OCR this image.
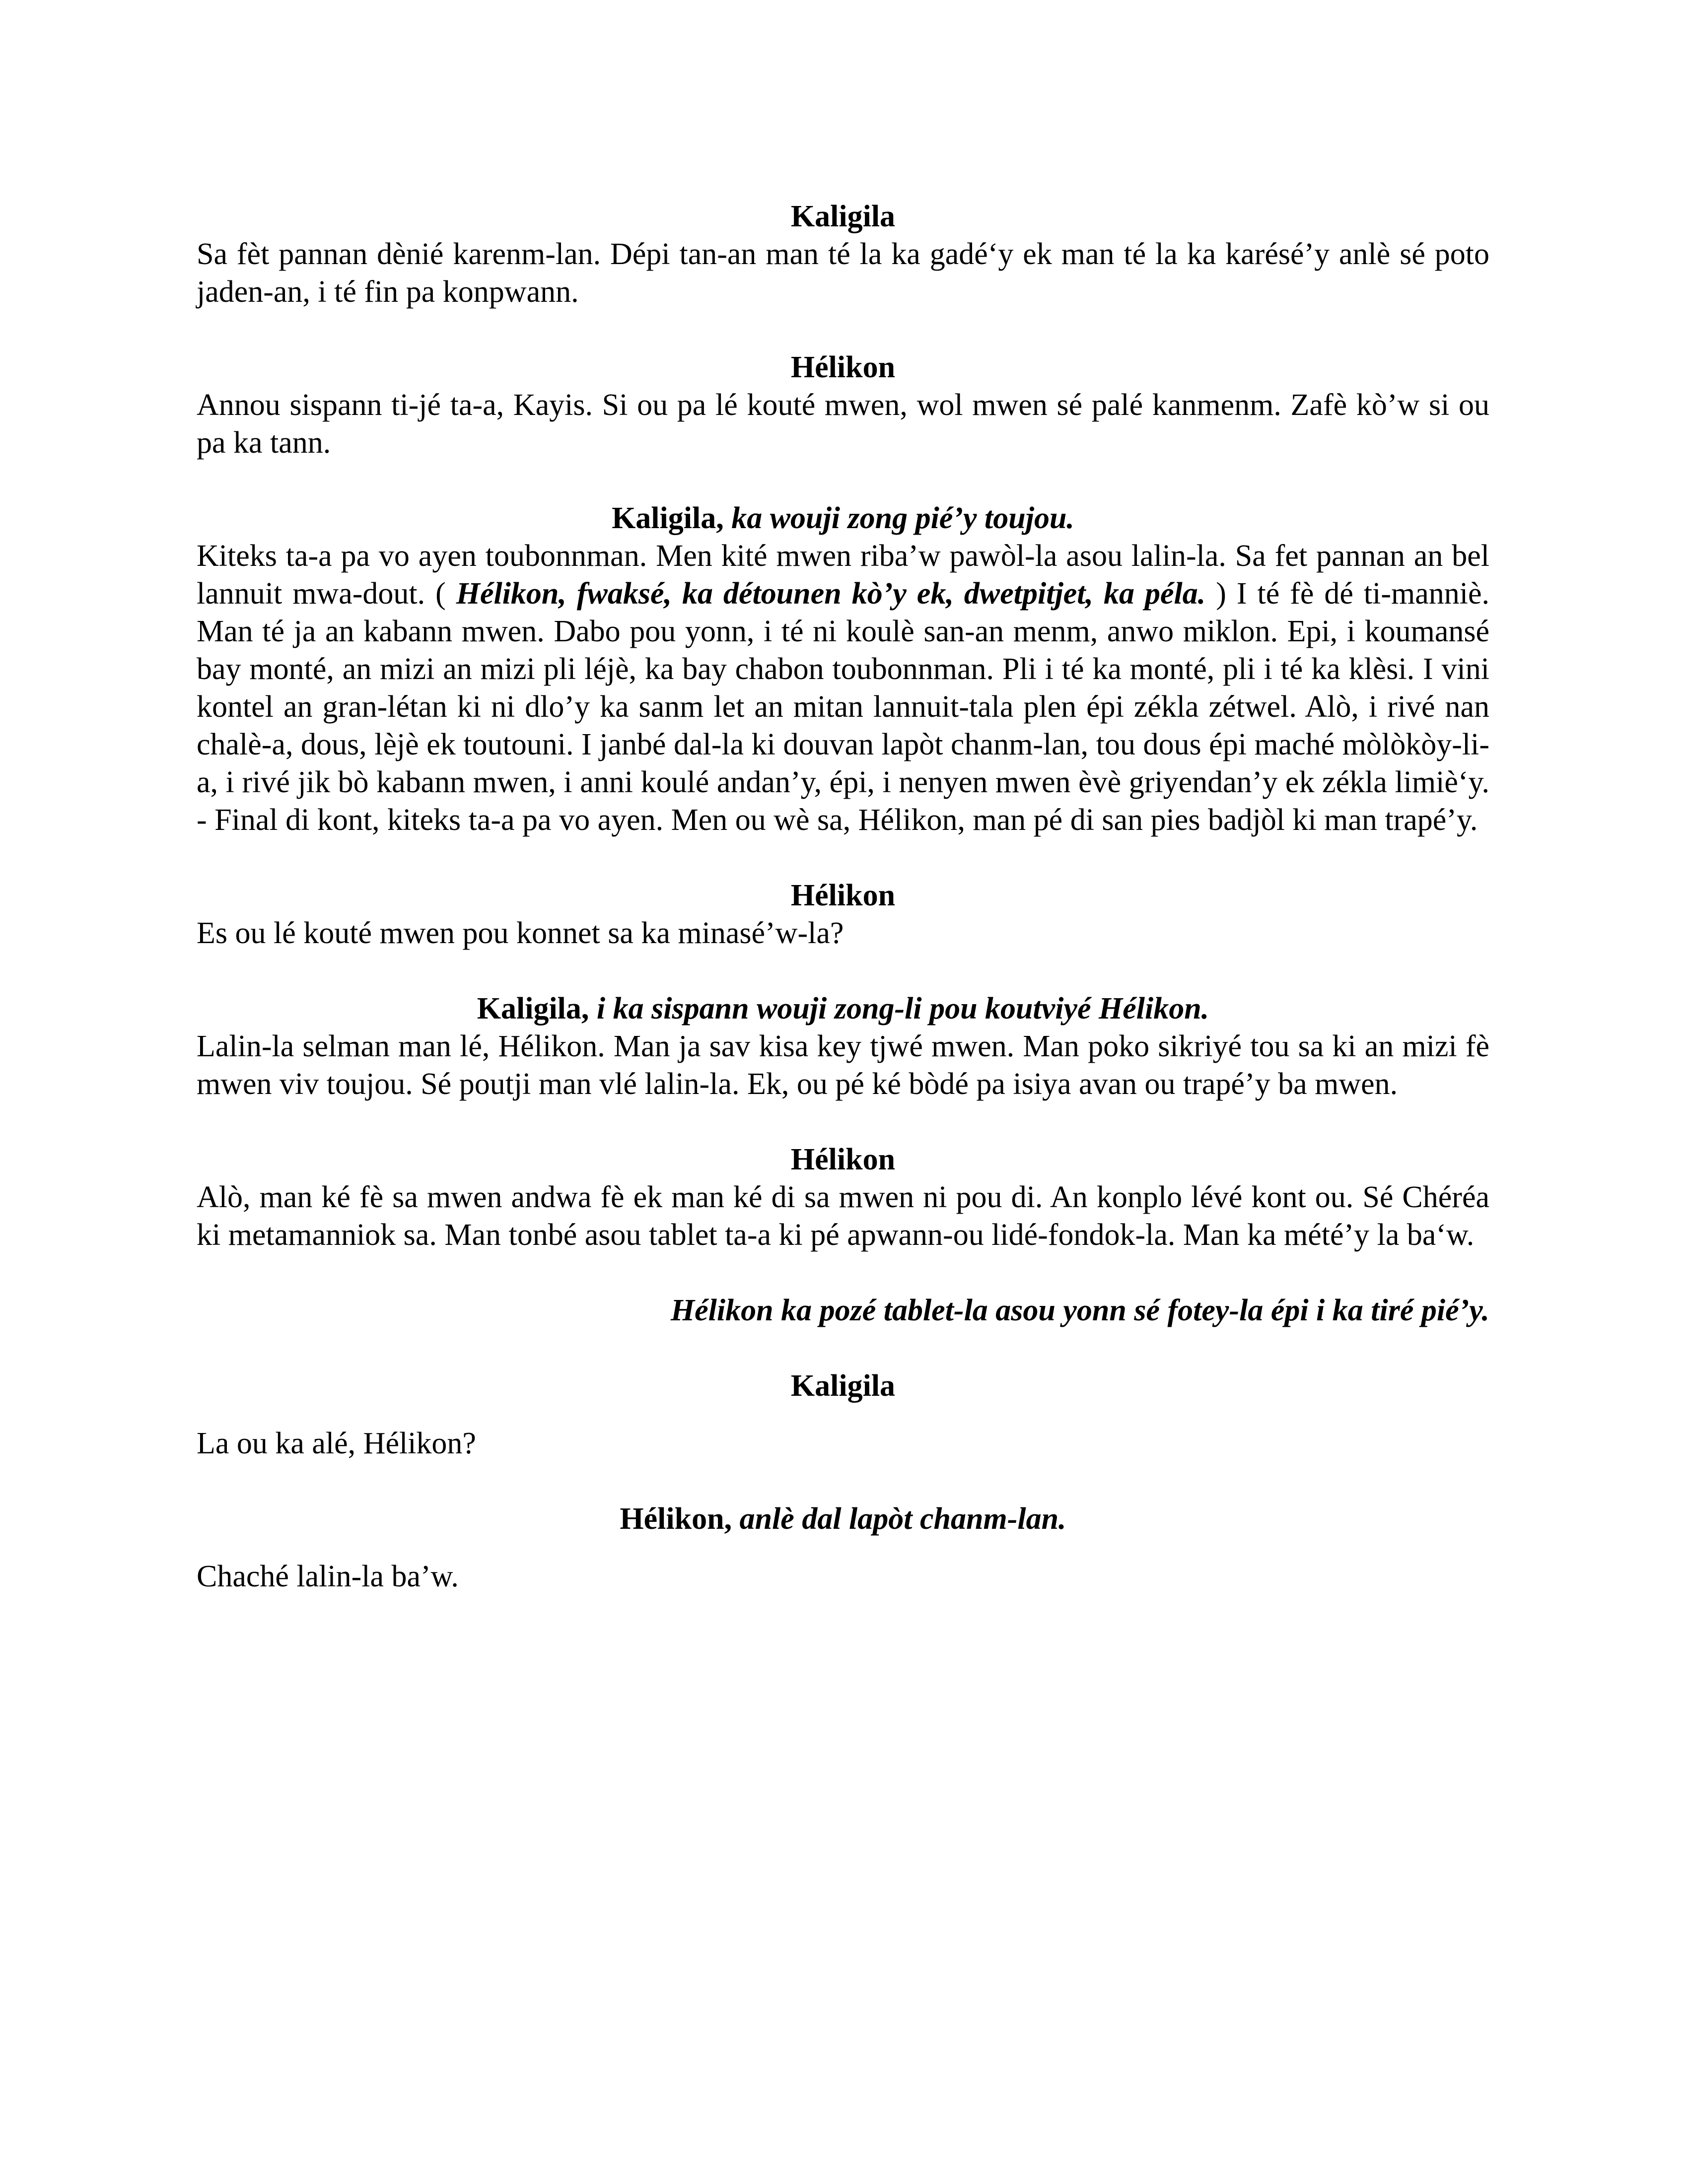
Kaligila

Sa fèt pannan dènié karenm-lan. Dépi tan-an man té la ka gadé‘y ek man té la ka karésé’y anlè sé poto jaden-an, i té fin pa konpwann.

Hélikon

Annou sispann ti-jé ta-a, Kayis. Si ou pa lé kouté mwen, wol mwen sé palé kanmenm. Zafè kò’w si ou pa ka tann.

Kaligila, ka wouji zong pié’y toujou.

Kiteks ta-a pa vo ayen toubonnman. Men kité mwen riba’w pawòl-la asou lalin-la. Sa fet pannan an bel lannuit mwa-dout. ( Hélikon, fwaksé, ka détounen kò’y ek, dwetpitjet, ka péla. ) I té fè dé ti-manniè. Man té ja an kabann mwen. Dabo pou yonn, i té ni koulè san-an menm, anwo miklon. Epi, i koumansé bay monté, an mizi an mizi pli léjè, ka bay chabon toubonnman. Pli i té ka monté, pli i té ka klèsi. I vini kontel an gran-létan ki ni dlo’y ka sanm let an mitan lannuit-tala plen épi zékla zétwel. Alò, i rivé nan chalè-a, dous, lèjè ek toutouni. I janbé dal-la ki douvan lapòt chanm-lan, tou dous épi maché mòlòkòy-li-a, i rivé jik bò kabann mwen, i anni koulé andan’y, épi, i nenyen mwen èvè griyendan’y ek zékla limiè‘y. - Final di kont, kiteks ta-a pa vo ayen. Men ou wè sa, Hélikon, man pé di san pies badjòl ki man trapé’y.

Hélikon

Es ou lé kouté mwen pou konnet sa ka minasé’w-la?

Kaligila, i ka sispann wouji zong-li pou koutviyé Hélikon.

Lalin-la selman man lé, Hélikon. Man ja sav kisa key tjwé mwen. Man poko sikriyé tou sa ki an mizi fè mwen viv toujou. Sé poutji man vlé lalin-la. Ek, ou pé ké bòdé pa isiya avan ou trapé’y ba mwen.

Hélikon

Alò, man ké fè sa mwen andwa fè ek man ké di sa mwen ni pou di. An konplo lévé kont ou. Sé Chéréa ki metamanniok sa. Man tonbé asou tablet ta-a ki pé apwann-ou lidé-fondok-la. Man ka mété’y la ba‘w.

Hélikon ka pozé tablet-la asou yonn sé fotey-la épi i ka tiré pié’y.

Kaligila

La ou ka alé, Hélikon?

Hélikon, anlè dal lapòt chanm-lan.

Chaché lalin-la ba’w.
